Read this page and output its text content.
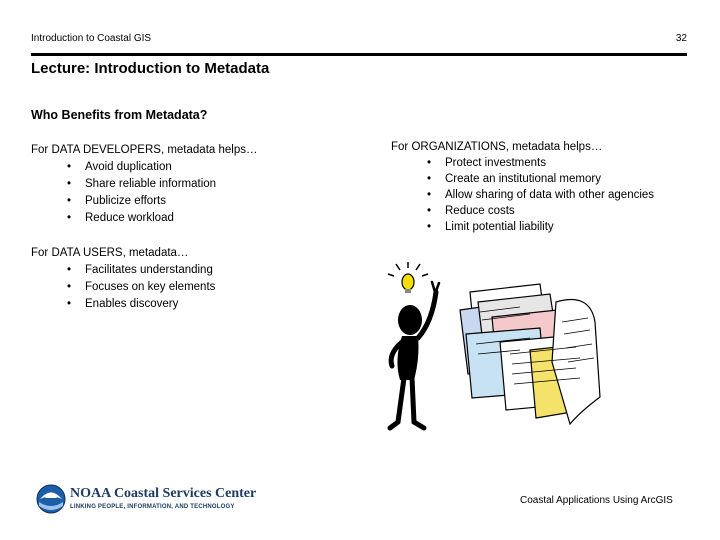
Introduction to Coastal GIS	32
Lecture: Introduction to Metadata
Who Benefits from Metadata?
For DATA DEVELOPERS, metadata helps…
• Avoid duplication
• Share reliable information
• Publicize efforts
• Reduce workload
For DATA USERS, metadata…
• Facilitates understanding
• Focuses on key elements
• Enables discovery
For ORGANIZATIONS, metadata helps…
• Protect investments
• Create an institutional memory
• Allow sharing of data with other agencies
• Reduce costs
• Limit potential liability
NOAA Coastal Services Center
LINKING PEOPLE, INFORMATION, AND TECHNOLOGY
Coastal Applications Using ArcGIS
